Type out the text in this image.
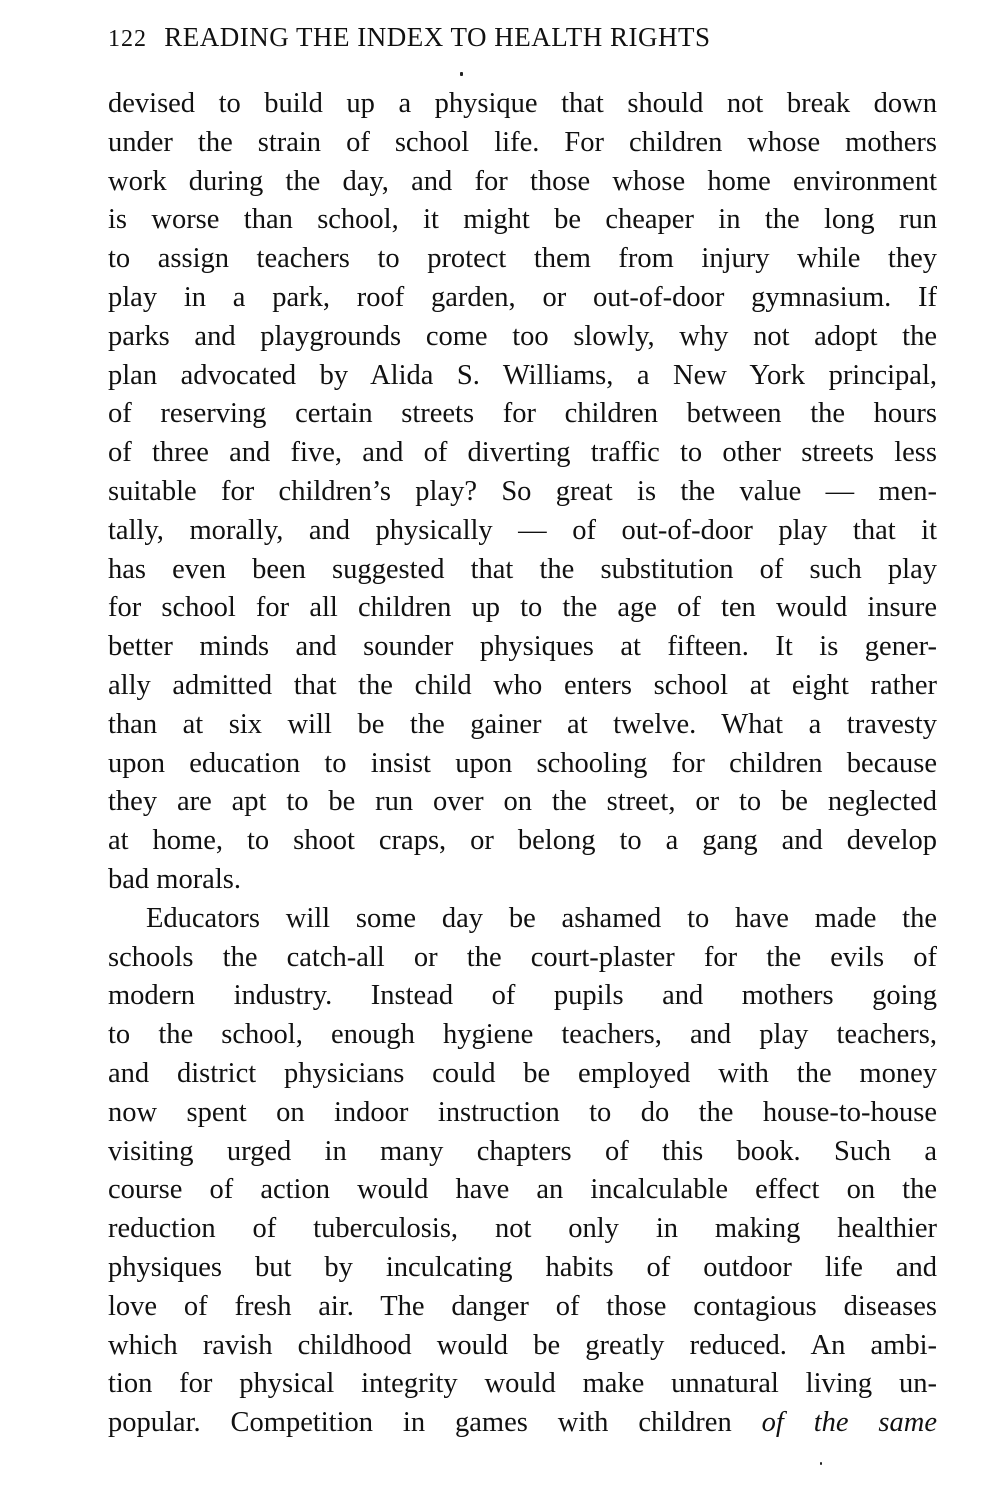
122 READING THE INDEX TO HEALTH RIGHTS
devised to build up a physique that should not break down
under the strain of school life. For children whose mothers
work during the day, and for those whose home environment
is worse than school, it might be cheaper in the long run
to assign teachers to protect them from injury while they
play in a park, roof garden, or out-of-door gymnasium. If
parks and playgrounds come too slowly, why not adopt the
plan advocated by Alida S. Williams, a New York principal,
of reserving certain streets for children between the hours
of three and five, and of diverting traffic to other streets less
suitable for children’s play? So great is the value — men-
tally, morally, and physically — of out-of-door play that it
has even been suggested that the substitution of such play
for school for all children up to the age of ten would insure
better minds and sounder physiques at fifteen. It is gener-
ally admitted that the child who enters school at eight rather
than at six will be the gainer at twelve. What a travesty
upon education to insist upon schooling for children because
they are apt to be run over on the street, or to be neglected
at home, to shoot craps, or belong to a gang and develop
bad morals.
Educators will some day be ashamed to have made the
schools the catch-all or the court-plaster for the evils of
modern industry. Instead of pupils and mothers going
to the school, enough hygiene teachers, and play teachers,
and district physicians could be employed with the money
now spent on indoor instruction to do the house-to-house
visiting urged in many chapters of this book. Such a
course of action would have an incalculable effect on the
reduction of tuberculosis, not only in making healthier
physiques but by inculcating habits of outdoor life and
love of fresh air. The danger of those contagious diseases
which ravish childhood would be greatly reduced. An ambi-
tion for physical integrity would make unnatural living un-
popular. Competition in games with children of the same
